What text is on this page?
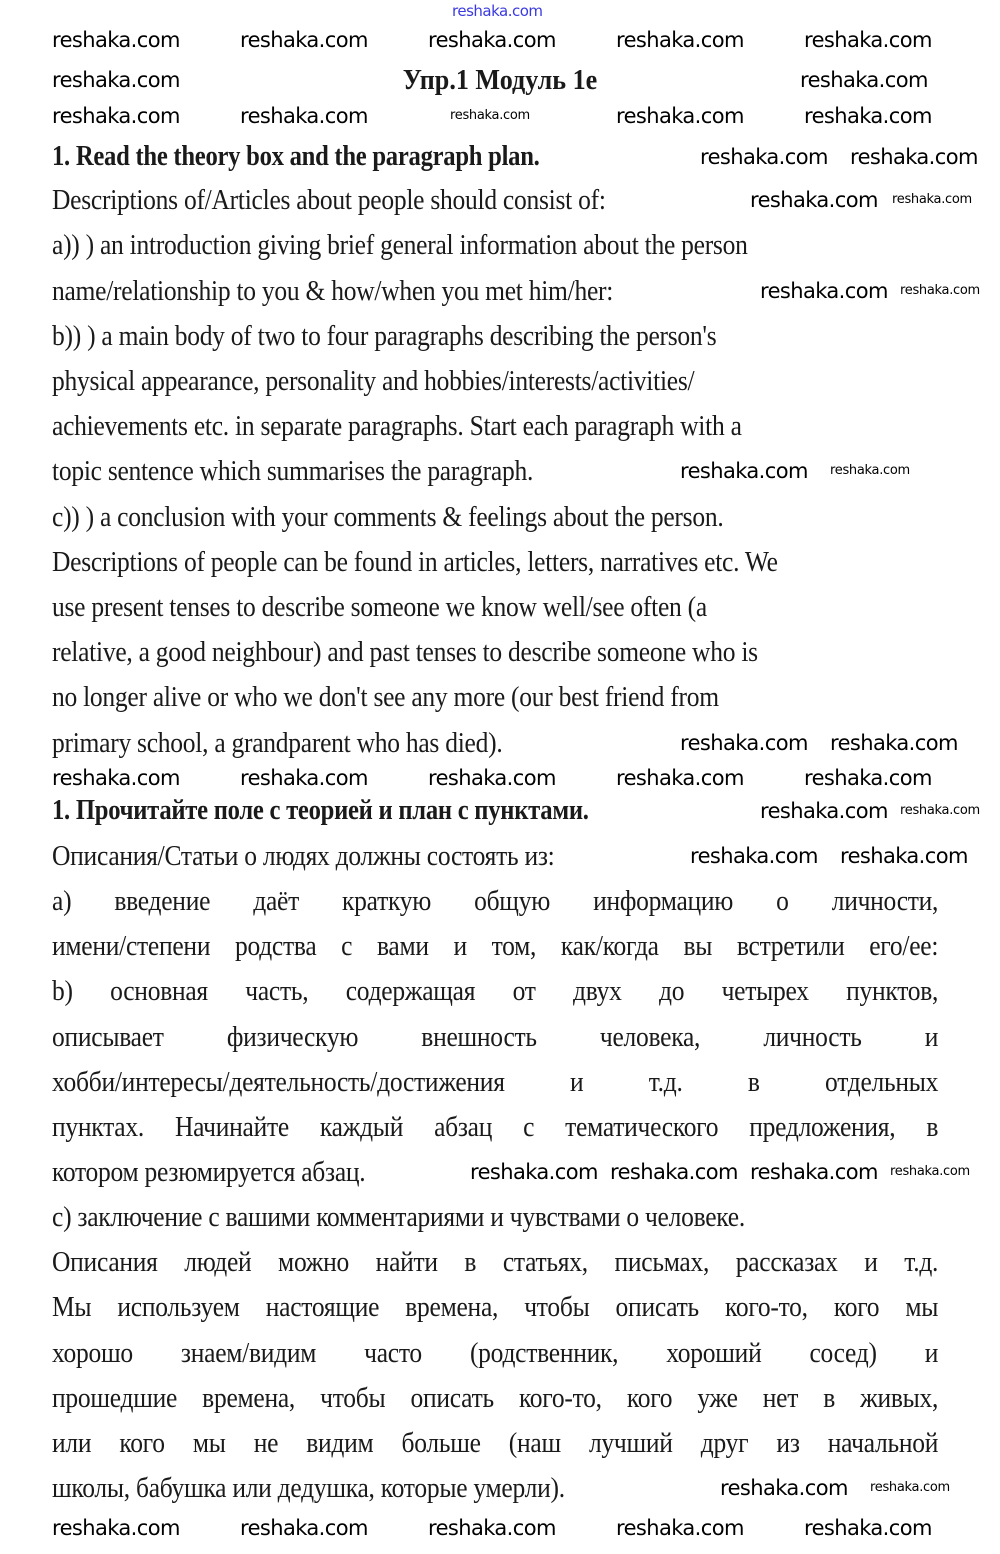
reshaka.com
Упр.1 Модуль 1e
1. Read the theory box and the paragraph plan.
Descriptions of/Articles about people should consist of:
a)) ) an introduction giving brief general information about the person
name/relationship to you & how/when you met him/her:
b)) ) a main body of two to four paragraphs describing the person's
physical appearance, personality and hobbies/interests/activities/
achievements etc. in separate paragraphs. Start each paragraph with a
topic sentence which summarises the paragraph.
c)) ) a conclusion with your comments & feelings about the person.
Descriptions of people can be found in articles, letters, narratives etc. We
use present tenses to describe someone we know well/see often (a
relative, a good neighbour) and past tenses to describe someone who is
no longer alive or who we don't see any more (our best friend from
primary school, a grandparent who has died).
1. Прочитайте поле с теорией и план с пунктами.
Описания/Статьи о людях должны состоять из:
a) введение даёт краткую общую информацию о личности,
имени/степени родства с вами и том, как/когда вы встретили его/ее:
b) основная часть, содержащая от двух до четырех пунктов,
описывает физическую внешность человека, личность и
хобби/интересы/деятельность/достижения и т.д. в отдельных
пунктах. Начинайте каждый абзац с тематического предложения, в
котором резюмируется абзац.
c) заключение с вашими комментариями и чувствами о человеке.
Описания людей можно найти в статьях, письмах, рассказах и т.д.
Мы используем настоящие времена, чтобы описать кого-то, кого мы
хорошо знаем/видим часто (родственник, хороший сосед) и
прошедшие времена, чтобы описать кого-то, кого уже нет в живых,
или кого мы не видим больше (наш лучший друг из начальной
школы, бабушка или дедушка, которые умерли).
reshaka.com	reshaka.com	reshaka.com	reshaka.com	reshaka.com
reshaka.com	reshaka.com
reshaka.com	reshaka.com	reshaka.com	reshaka.com	reshaka.com
reshaka.com reshaka.com
reshaka.com reshaka.com
reshaka.com reshaka.com
reshaka.com reshaka.com
reshaka.com reshaka.com
reshaka.com	reshaka.com	reshaka.com	reshaka.com	reshaka.com
reshaka.com reshaka.com
reshaka.com reshaka.com
reshaka.com reshaka.com reshaka.com reshaka.com
reshaka.com reshaka.com
reshaka.com	reshaka.com	reshaka.com	reshaka.com	reshaka.com
